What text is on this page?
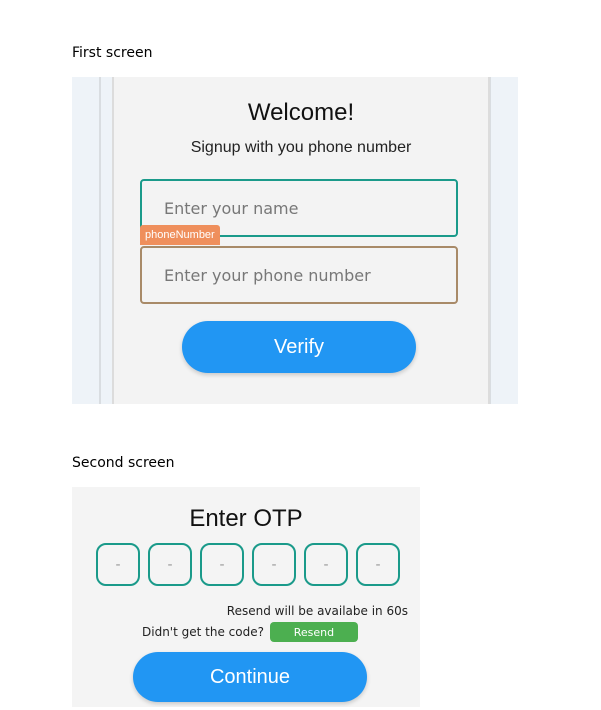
First screen
Welcome!
Signup with you phone number
Enter your name
phoneNumber
Enter your phone number
Verify
Second screen
Enter OTP
-	-	-	-	-	-
Resend will be availabe in 60s
Didn't get the code?	Resend
Continue
